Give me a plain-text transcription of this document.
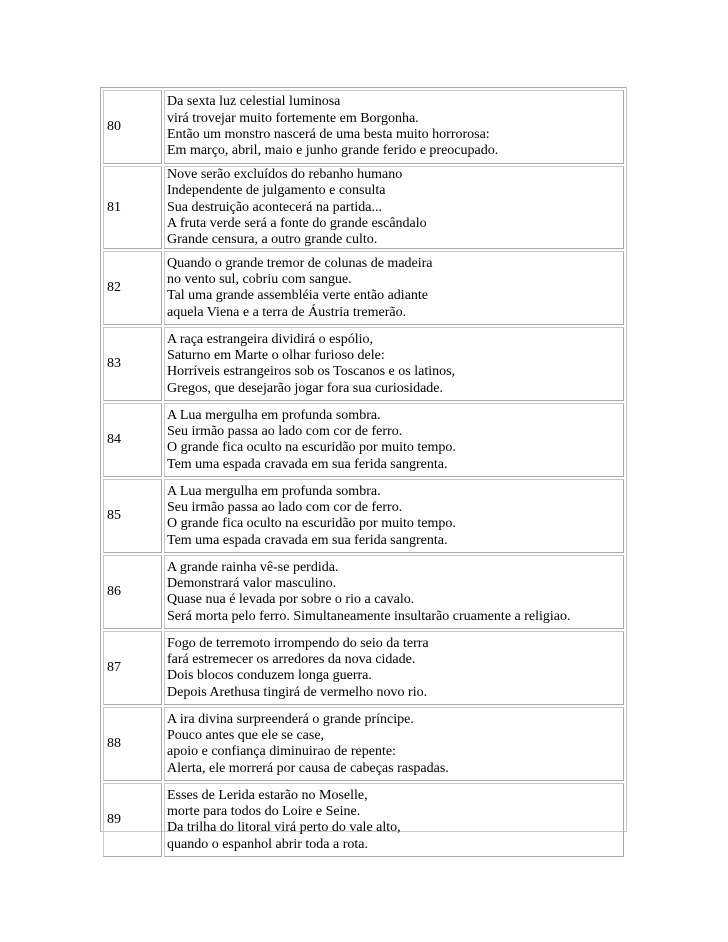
80	Da sexta luz celestial luminosa
virá trovejar muito fortemente em Borgonha.
Então um monstro nascerá de uma besta muito horrorosa:
Em março, abril, maio e junho grande ferido e preocupado.

81	Nove serão excluídos do rebanho humano
Independente de julgamento e consulta
Sua destruição acontecerá na partida...
A fruta verde será a fonte do grande escândalo
Grande censura, a outro grande culto.

82	Quando o grande tremor de colunas de madeira
no vento sul, cobriu com sangue.
Tal uma grande assembléia verte então adiante
aquela Viena e a terra de Áustria tremerão.

83	A raça estrangeira dividirá o espólio,
Saturno em Marte o olhar furioso dele:
Horríveis estrangeiros sob os Toscanos e os latinos,
Gregos, que desejarão jogar fora sua curiosidade.

84	A Lua mergulha em profunda sombra.
Seu irmão passa ao lado com cor de ferro.
O grande fica oculto na escuridão por muito tempo.
Tem uma espada cravada em sua ferida sangrenta.

85	A Lua mergulha em profunda sombra.
Seu irmão passa ao lado com cor de ferro.
O grande fica oculto na escuridão por muito tempo.
Tem uma espada cravada em sua ferida sangrenta.

86	A grande rainha vê-se perdida.
Demonstrará valor masculino.
Quase nua é levada por sobre o rio a cavalo.
Será morta pelo ferro. Simultaneamente insultarão cruamente a religiao.

87	Fogo de terremoto irrompendo do seio da terra
fará estremecer os arredores da nova cidade.
Dois blocos conduzem longa guerra.
Depois Arethusa tingirá de vermelho novo rio.

88	A ira divina surpreenderá o grande príncipe.
Pouco antes que ele se case,
apoio e confiança diminuirao de repente:
Alerta, ele morrerá por causa de cabeças raspadas.

89	Esses de Lerida estarão no Moselle,
morte para todos do Loire e Seine.
Da trilha do litoral virá perto do vale alto,
quando o espanhol abrir toda a rota.
